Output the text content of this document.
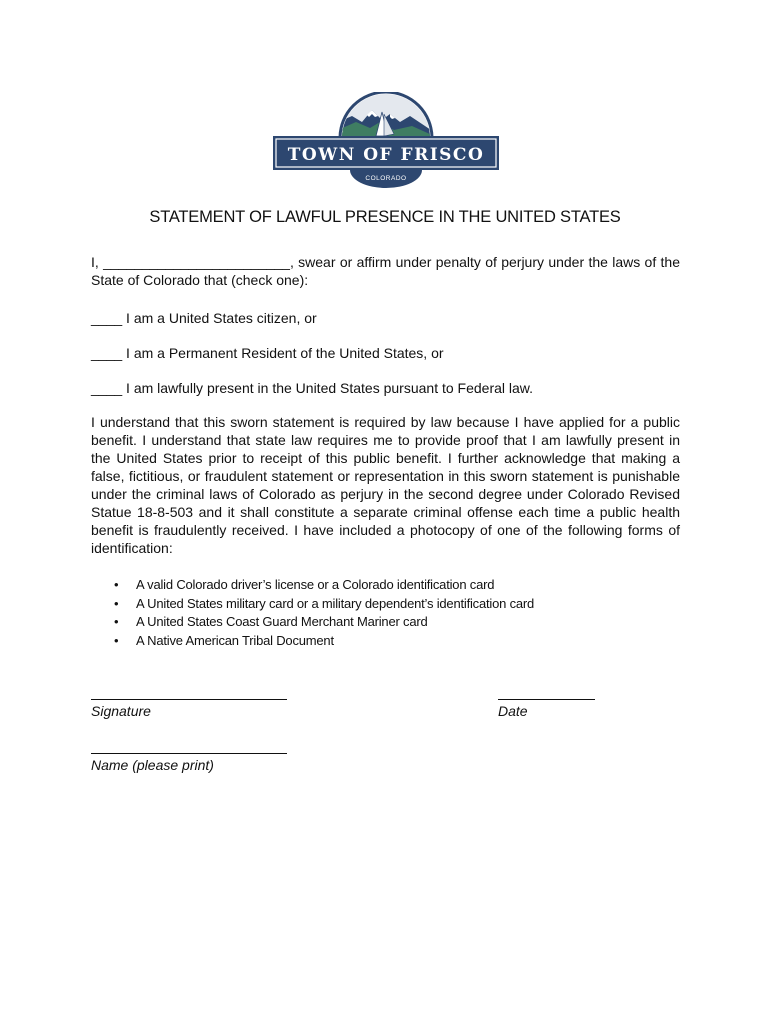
TOWN OF FRISCO
COLORADO
STATEMENT OF LAWFUL PRESENCE IN THE UNITED STATES
I, ________________________, swear or affirm under penalty of perjury under the laws of the State of Colorado that (check one):
____ I am a United States citizen, or
____ I am a Permanent Resident of the United States, or
____ I am lawfully present in the United States pursuant to Federal law.
I understand that this sworn statement is required by law because I have applied for a public benefit. I understand that state law requires me to provide proof that I am lawfully present in the United States prior to receipt of this public benefit. I further acknowledge that making a false, fictitious, or fraudulent statement or representation in this sworn statement is punishable under the criminal laws of Colorado as perjury in the second degree under Colorado Revised Statue 18-8-503 and it shall constitute a separate criminal offense each time a public health benefit is fraudulently received. I have included a photocopy of one of the following forms of identification:
• A valid Colorado driver’s license or a Colorado identification card
• A United States military card or a military dependent’s identification card
• A United States Coast Guard Merchant Mariner card
• A Native American Tribal Document
Signature	Date
Name (please print)
